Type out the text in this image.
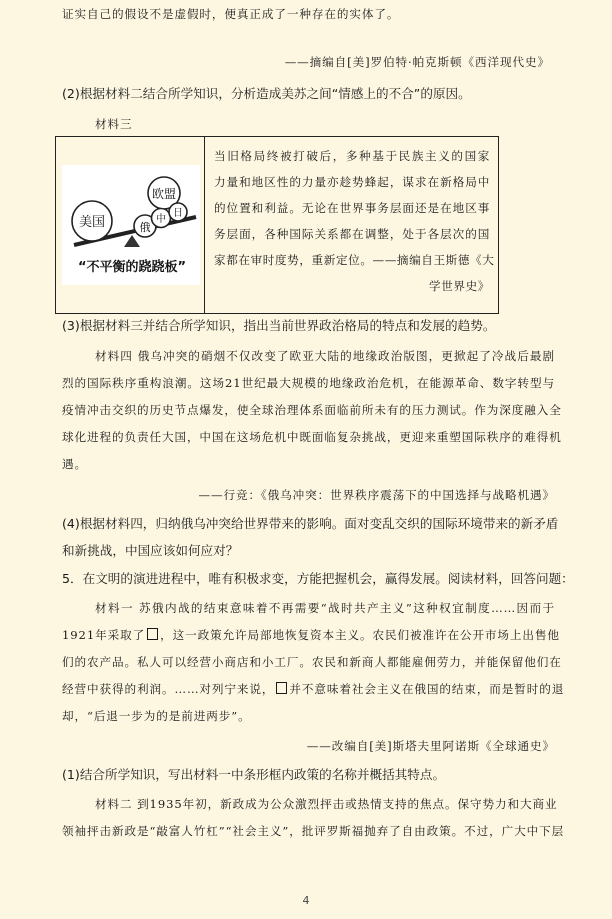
证实自己的假设不是虚假时，便真正成了一种存在的实体了。
——摘编自[美]罗伯特·帕克斯顿《西洋现代史》
(2)根据材料二结合所学知识，分析造成美苏之间“情感上的不合”的原因。
材料三
美国
欧盟
俄
中
日
“不平衡的跷跷板”
当旧格局终被打破后，多种基于民族主义的国家
力量和地区性的力量亦趁势蜂起，谋求在新格局中
的位置和利益。无论在世界事务层面还是在地区事
务层面，各种国际关系都在调整，处于各层次的国
家都在审时度势，重新定位。——摘编自王斯德《大
学世界史》
(3)根据材料三并结合所学知识，指出当前世界政治格局的特点和发展的趋势。
材料四 俄乌冲突的硝烟不仅改变了欧亚大陆的地缘政治版图，更掀起了冷战后最剧
烈的国际秩序重构浪潮。这场21世纪最大规模的地缘政治危机，在能源革命、数字转型与
疫情冲击交织的历史节点爆发，使全球治理体系面临前所未有的压力测试。作为深度融入全
球化进程的负责任大国，中国在这场危机中既面临复杂挑战，更迎来重塑国际秩序的难得机
遇。
——行竞：《俄乌冲突：世界秩序震荡下的中国选择与战略机遇》
(4)根据材料四，归纳俄乌冲突给世界带来的影响。面对变乱交织的国际环境带来的新矛盾
和新挑战，中国应该如何应对？
5．在文明的演进进程中，唯有积极求变，方能把握机会，赢得发展。阅读材料，回答问题：
材料一 苏俄内战的结束意味着不再需要“战时共产主义”这种权宜制度……因而于
1921年采取了 ，这一政策允许局部地恢复资本主义。农民们被准许在公开市场上出售他
们的农产品。私人可以经营小商店和小工厂。农民和新商人都能雇佣劳力，并能保留他们在
经营中获得的利润。……对列宁来说， 并不意味着社会主义在俄国的结束，而是暂时的退
却，“后退一步为的是前进两步”。
——改编自[美]斯塔夫里阿诺斯《全球通史》
(1)结合所学知识，写出材料一中条形框内政策的名称并概括其特点。
材料二 到1935年初，新政成为公众激烈抨击或热情支持的焦点。保守势力和大商业
领袖抨击新政是“敲富人竹杠”“社会主义”，批评罗斯福抛弃了自由政策。不过，广大中下层
4
